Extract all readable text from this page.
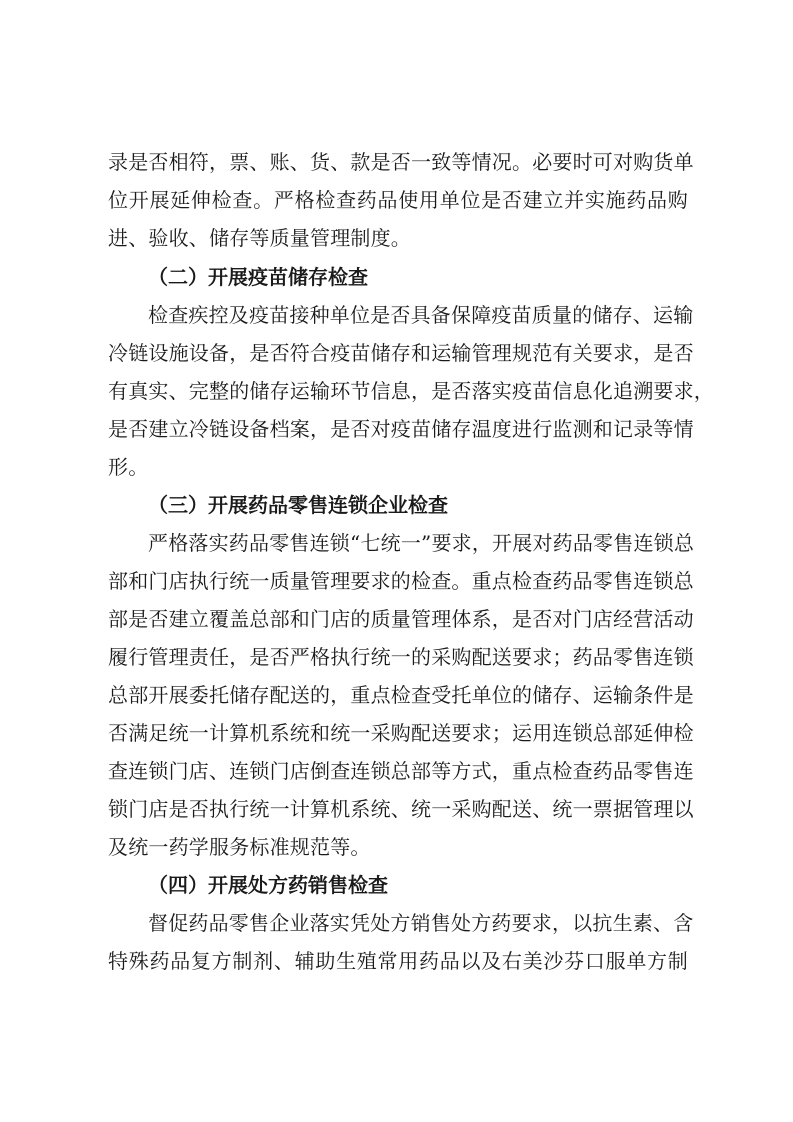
录是否相符，票、账、货、款是否一致等情况。必要时可对购货单
位开展延伸检查。严格检查药品使用单位是否建立并实施药品购
进、验收、储存等质量管理制度。
（二）开展疫苗储存检查
检查疾控及疫苗接种单位是否具备保障疫苗质量的储存、运输
冷链设施设备，是否符合疫苗储存和运输管理规范有关要求，是否
有真实、完整的储存运输环节信息，是否落实疫苗信息化追溯要求，
是否建立冷链设备档案，是否对疫苗储存温度进行监测和记录等情
形。
（三）开展药品零售连锁企业检查
严格落实药品零售连锁“七统一”要求，开展对药品零售连锁总
部和门店执行统一质量管理要求的检查。重点检查药品零售连锁总
部是否建立覆盖总部和门店的质量管理体系，是否对门店经营活动
履行管理责任，是否严格执行统一的采购配送要求；药品零售连锁
总部开展委托储存配送的，重点检查受托单位的储存、运输条件是
否满足统一计算机系统和统一采购配送要求；运用连锁总部延伸检
查连锁门店、连锁门店倒查连锁总部等方式，重点检查药品零售连
锁门店是否执行统一计算机系统、统一采购配送、统一票据管理以
及统一药学服务标准规范等。
（四）开展处方药销售检查
督促药品零售企业落实凭处方销售处方药要求，以抗生素、含
特殊药品复方制剂、辅助生殖常用药品以及右美沙芬口服单方制
